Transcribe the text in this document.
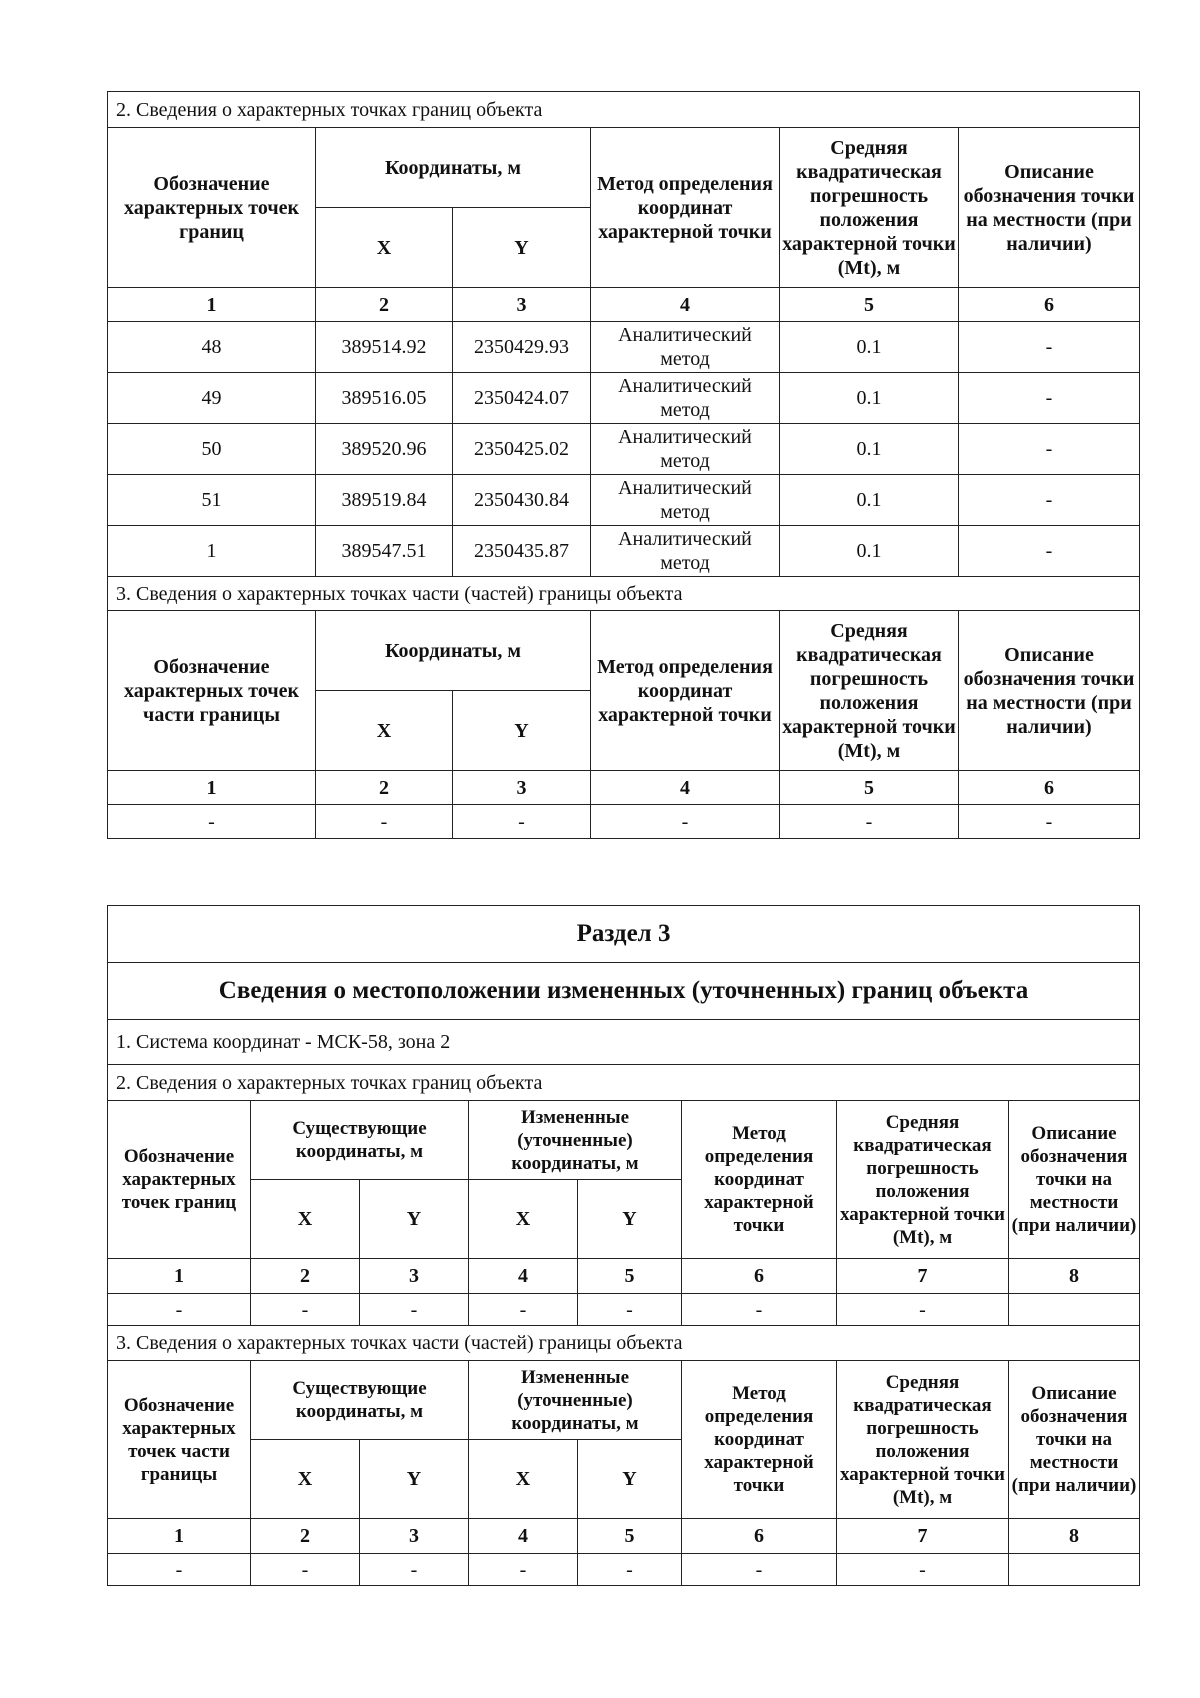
2. Сведения о характерных точках границ объекта					
Обозначение характерных точек границ	Координаты, м		Метод определения координат характерной точки	Средняя квадратическая погрешность положения характерной точки (Mt), м	Описание обозначения точки на местности (при наличии)
	X	Y			
1	2	3	4	5	6
48	389514.92	2350429.93	Аналитический метод	0.1	-
49	389516.05	2350424.07	Аналитический метод	0.1	-
50	389520.96	2350425.02	Аналитический метод	0.1	-
51	389519.84	2350430.84	Аналитический метод	0.1	-
1	389547.51	2350435.87	Аналитический метод	0.1	-
3. Сведения о характерных точках части (частей) границы объекта					
Обозначение характерных точек части границы	Координаты, м		Метод определения координат характерной точки	Средняя квадратическая погрешность положения характерной точки (Mt), м	Описание обозначения точки на местности (при наличии)
	X	Y			
1	2	3	4	5	6
-	-	-	-	-	-
Раздел 3							
Сведения о местоположении измененных (уточненных) границ объекта							
1. Система координат - МСК-58, зона 2							
2. Сведения о характерных точках границ объекта							
Обозначение характерных точек границ	Существующие координаты, м		Измененные (уточненные) координаты, м		Метод определения координат характерной точки	Средняя квадратическая погрешность положения характерной точки (Mt), м	Описание обозначения точки на местности (при наличии)
	X	Y	X	Y			
1	2	3	4	5	6	7	8
-	-	-	-	-	-	-	
3. Сведения о характерных точках части (частей) границы объекта							
Обозначение характерных точек части границы	Существующие координаты, м		Измененные (уточненные) координаты, м		Метод определения координат характерной точки	Средняя квадратическая погрешность положения характерной точки (Mt), м	Описание обозначения точки на местности (при наличии)
	X	Y	X	Y			
1	2	3	4	5	6	7	8
-	-	-	-	-	-	-	
